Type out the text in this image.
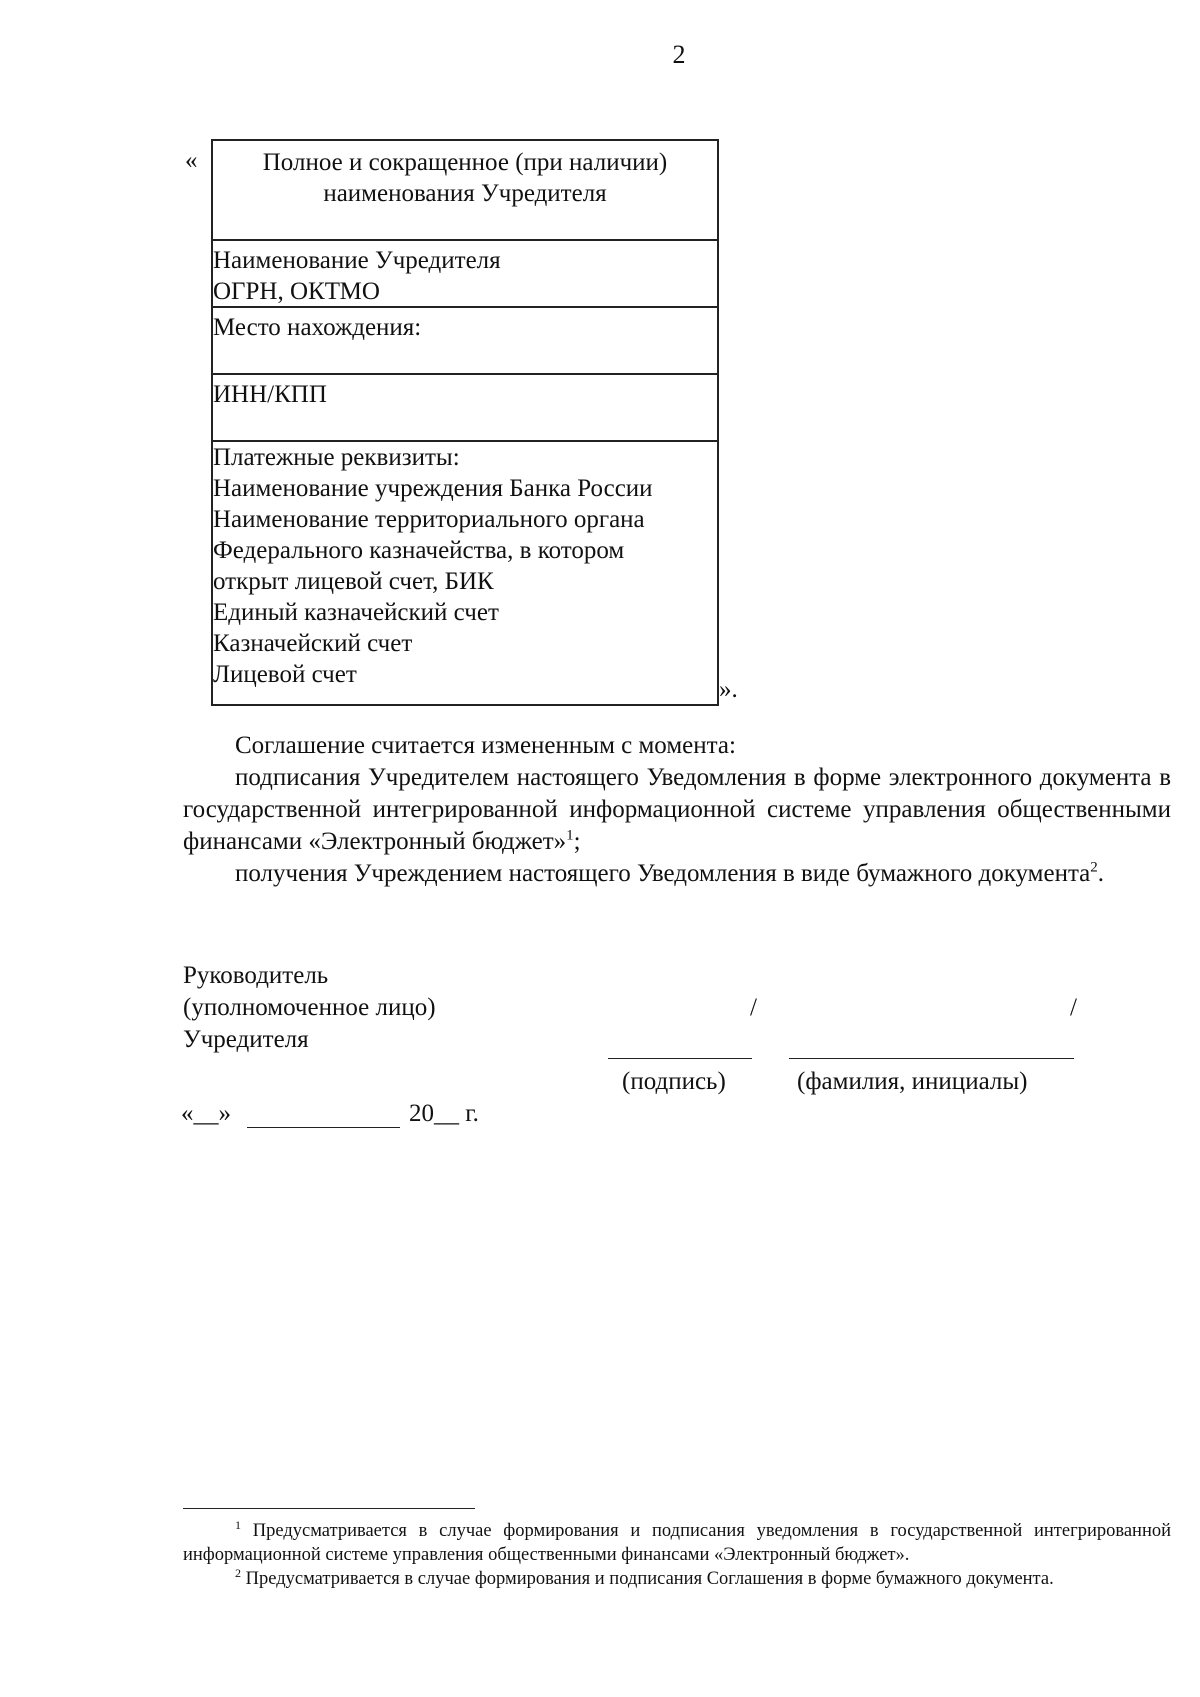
2
«	Полное и сокращенное (при наличии)
наименования Учредителя
Наименование Учредителя
ОГРН, ОКТМО
Место нахождения:
ИНН/КПП
Платежные реквизиты:
Наименование учреждения Банка России
Наименование территориального органа
Федерального казначейства, в котором
открыт лицевой счет, БИК
Единый казначейский счет
Казначейский счет
Лицевой счет
».
Соглашение считается измененным с момента:
подписания Учредителем настоящего Уведомления в форме электронного документа в государственной интегрированной информационной системе управления общественными финансами «Электронный бюджет»$^1$;
получения Учреждением настоящего Уведомления в виде бумажного документа$^2$.
Руководитель
(уполномоченное лицо)
Учредителя
/	/
(подпись)	(фамилия, инициалы)
«__»	20__ г.
$^1$ Предусматривается в случае формирования и подписания уведомления в государственной интегрированной информационной системе управления общественными финансами «Электронный бюджет».
$^2$ Предусматривается в случае формирования и подписания Соглашения в форме бумажного документа.
